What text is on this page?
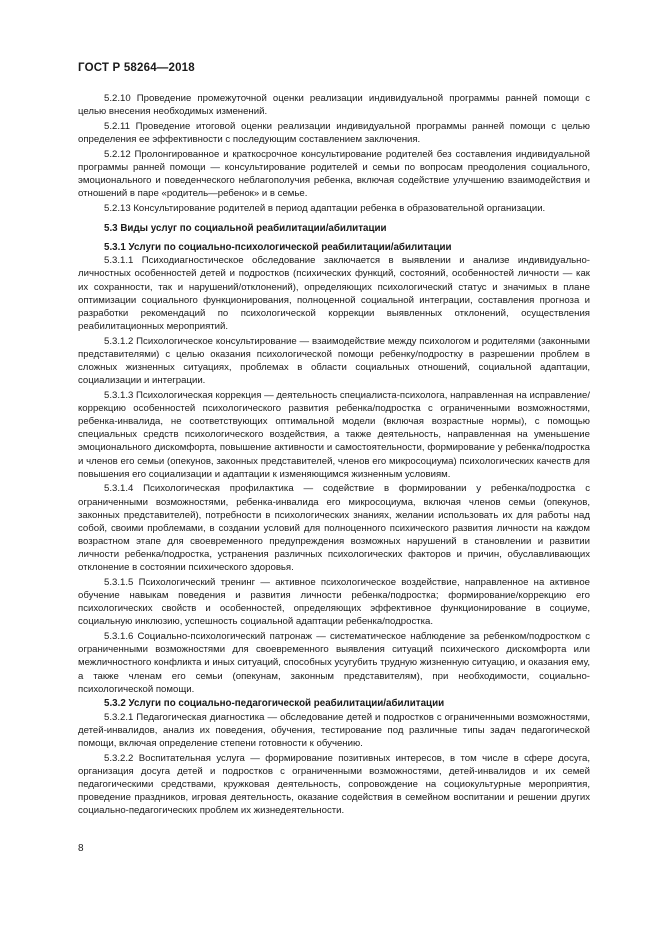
ГОСТ Р 58264—2018

5.2.10 Проведение промежуточной оценки реализации индивидуальной программы ранней помощи с целью внесения необходимых изменений.

5.2.11 Проведение итоговой оценки реализации индивидуальной программы ранней помощи с целью определения ее эффективности с последующим составлением заключения.

5.2.12 Пролонгированное и краткосрочное консультирование родителей без составления индивидуальной программы ранней помощи — консультирование родителей и семьи по вопросам преодоления социального, эмоционального и поведенческого неблагополучия ребенка, включая содействие улучшению взаимодействия и отношений в паре «родитель—ребенок» и в семье.

5.2.13 Консультирование родителей в период адаптации ребенка в образовательной организации.

5.3 Виды услуг по социальной реабилитации/абилитации
5.3.1 Услуги по социально-психологической реабилитации/абилитации

5.3.1.1 Психодиагностическое обследование заключается в выявлении и анализе индивидуально-личностных особенностей детей и подростков (психических функций, состояний, особенностей личности — как их сохранности, так и нарушений/отклонений), определяющих психологический статус и значимых в плане оптимизации социального функционирования, полноценной социальной интеграции, составления прогноза и разработки рекомендаций по психологической коррекции выявленных отклонений, осуществления реабилитационных мероприятий.

5.3.1.2 Психологическое консультирование — взаимодействие между психологом и родителями (законными представителями) с целью оказания психологической помощи ребенку/подростку в разрешении проблем в сложных жизненных ситуациях, проблемах в области социальных отношений, социальной адаптации, социализации и интеграции.

5.3.1.3 Психологическая коррекция — деятельность специалиста-психолога, направленная на исправление/коррекцию особенностей психологического развития ребенка/подростка с ограниченными возможностями, ребенка-инвалида, не соответствующих оптимальной модели (включая возрастные нормы), с помощью специальных средств психологического воздействия, а также деятельность, направленная на уменьшение эмоционального дискомфорта, повышение активности и самостоятельности, формирование у ребенка/подростка и членов его семьи (опекунов, законных представителей, членов его микросоциума) психологических качеств для повышения его социализации и адаптации к изменяющимся жизненным условиям.

5.3.1.4 Психологическая профилактика — содействие в формировании у ребенка/подростка с ограниченными возможностями, ребенка-инвалида его микросоциума, включая членов семьи (опекунов, законных представителей), потребности в психологических знаниях, желании использовать их для работы над собой, своими проблемами, в создании условий для полноценного психического развития личности на каждом возрастном этапе для своевременного предупреждения возможных нарушений в становлении и развитии личности ребенка/подростка, устранения различных психологических факторов и причин, обуславливающих отклонение в состоянии психического здоровья.

5.3.1.5 Психологический тренинг — активное психологическое воздействие, направленное на активное обучение навыкам поведения и развития личности ребенка/подростка; формирование/коррекцию его психологических свойств и особенностей, определяющих эффективное функционирование в социуме, социальную инклюзию, успешность социальной адаптации ребенка/подростка.

5.3.1.6 Социально-психологический патронаж — систематическое наблюдение за ребенком/подростком с ограниченными возможностями для своевременного выявления ситуаций психического дискомфорта или межличностного конфликта и иных ситуаций, способных усугубить трудную жизненную ситуацию, и оказания ему, а также членам его семьи (опекунам, законным представителям), при необходимости, социально-психологической помощи.

5.3.2 Услуги по социально-педагогической реабилитации/абилитации

5.3.2.1 Педагогическая диагностика — обследование детей и подростков с ограниченными возможностями, детей-инвалидов, анализ их поведения, обучения, тестирование под различные типы задач педагогической помощи, включая определение степени готовности к обучению.

5.3.2.2 Воспитательная услуга — формирование позитивных интересов, в том числе в сфере досуга, организация досуга детей и подростков с ограниченными возможностями, детей-инвалидов и их семей педагогическими средствами, кружковая деятельность, сопровождение на социокультурные мероприятия, проведение праздников, игровая деятельность, оказание содействия в семейном воспитании и решении других социально-педагогических проблем их жизнедеятельности.

8
